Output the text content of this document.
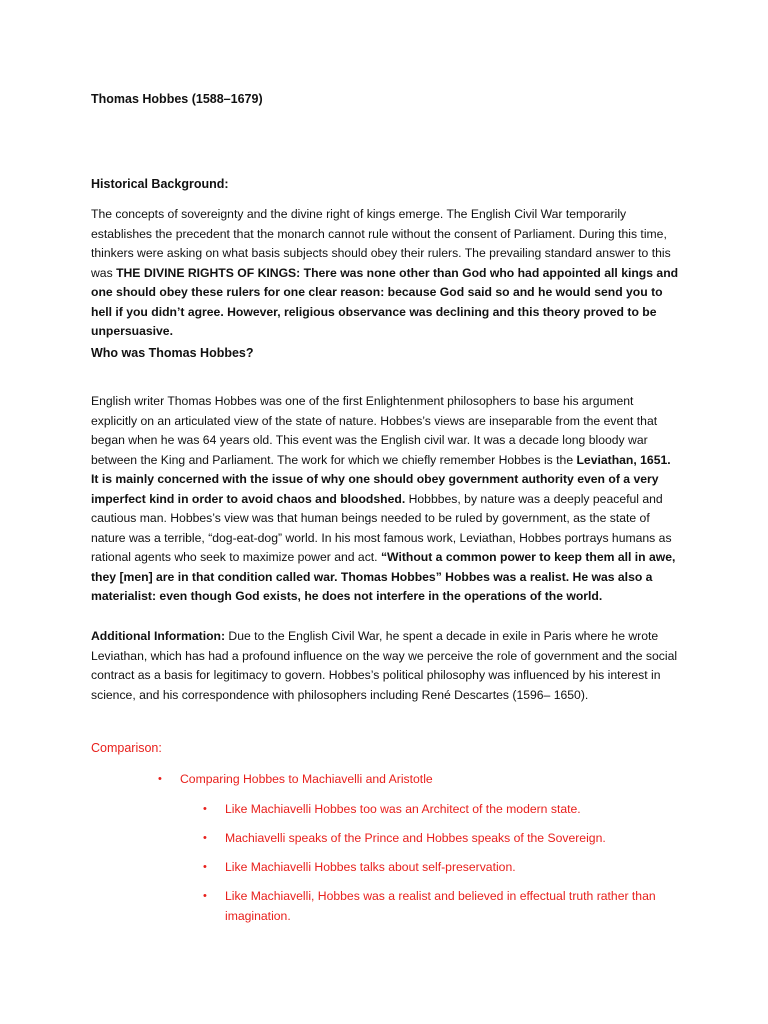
Thomas Hobbes (1588–1679)
Historical Background:

The concepts of sovereignty and the divine right of kings emerge. The English Civil War temporarily establishes the precedent that the monarch cannot rule without the consent of Parliament. During this time, thinkers were asking on what basis subjects should obey their rulers. The prevailing standard answer to this was THE DIVINE RIGHTS OF KINGS: There was none other than God who had appointed all kings and one should obey these rulers for one clear reason: because God said so and he would send you to hell if you didn’t agree. However, religious observance was declining and this theory proved to be unpersuasive.

Who was Thomas Hobbes?

English writer Thomas Hobbes was one of the first Enlightenment philosophers to base his argument explicitly on an articulated view of the state of nature. Hobbes’s views are inseparable from the event that began when he was 64 years old. This event was the English civil war. It was a decade long bloody war between the King and Parliament. The work for which we chiefly remember Hobbes is the Leviathan, 1651. It is mainly concerned with the issue of why one should obey government authority even of a very imperfect kind in order to avoid chaos and bloodshed. Hobbbes, by nature was a deeply peaceful and cautious man. Hobbes’s view was that human beings needed to be ruled by government, as the state of nature was a terrible, “dog-eat-dog” world. In his most famous work, Leviathan, Hobbes portrays humans as rational agents who seek to maximize power and act. “Without a common power to keep them all in awe, they [men] are in that condition called war. Thomas Hobbes” Hobbes was a realist. He was also a materialist: even though God exists, he does not interfere in the operations of the world.

Additional Information: Due to the English Civil War, he spent a decade in exile in Paris where he wrote Leviathan, which has had a profound influence on the way we perceive the role of government and the social contract as a basis for legitimacy to govern. Hobbes’s political philosophy was influenced by his interest in science, and his correspondence with philosophers including René Descartes (1596– 1650).

Comparison:
• Comparing Hobbes to Machiavelli and Aristotle
• Like Machiavelli Hobbes too was an Architect of the modern state.
• Machiavelli speaks of the Prince and Hobbes speaks of the Sovereign.
• Like Machiavelli Hobbes talks about self-preservation.
• Like Machiavelli, Hobbes was a realist and believed in effectual truth rather than imagination.
